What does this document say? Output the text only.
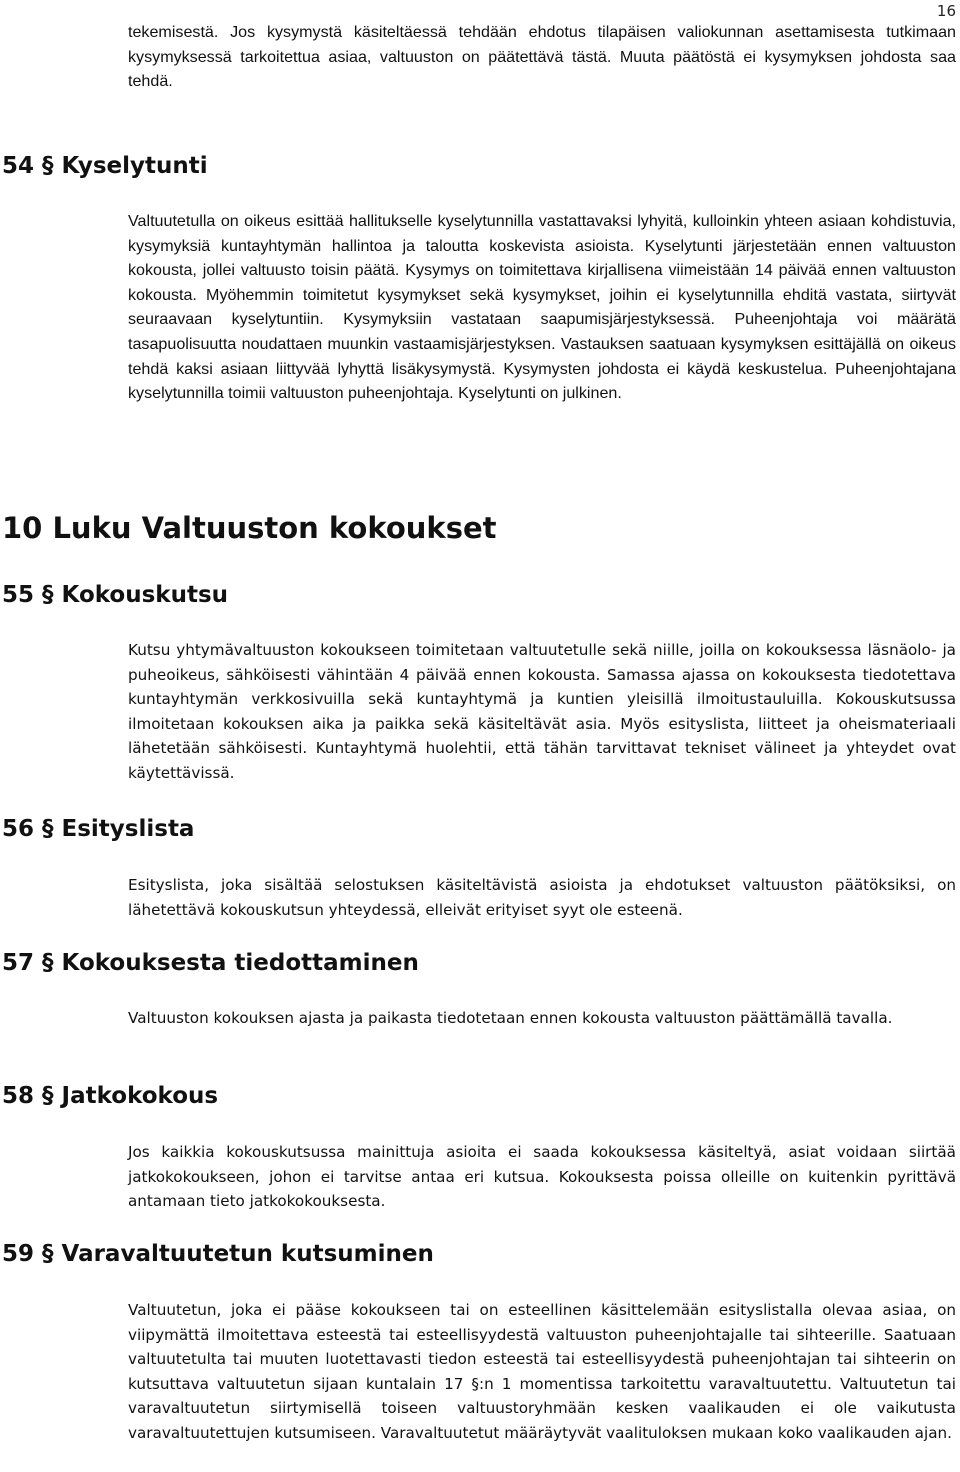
16

tekemisestä. Jos kysymystä käsiteltäessä tehdään ehdotus tilapäisen valiokunnan asettamisesta tutkimaan kysymyksessä tarkoitettua asiaa, valtuuston on päätettävä tästä. Muuta päätöstä ei kysymyksen johdosta saa tehdä.

54 § Kyselytunti

Valtuutetulla on oikeus esittää hallitukselle kyselytunnilla vastattavaksi lyhyitä, kulloinkin yhteen asiaan kohdistuvia, kysymyksiä kuntayhtymän hallintoa ja taloutta koskevista asioista. Kyselytunti järjestetään ennen valtuuston kokousta, jollei valtuusto toisin päätä. Kysymys on toimitettava kirjallisena viimeistään 14 päivää ennen valtuuston kokousta. Myöhemmin toimitetut kysymykset sekä kysymykset, joihin ei kyselytunnilla ehditä vastata, siirtyvät seuraavaan kyselytuntiin. Kysymyksiin vastataan saapumisjärjestyksessä. Puheenjohtaja voi määrätä tasapuolisuutta noudattaen muunkin vastaamisjärjestyksen. Vastauksen saatuaan kysymyksen esittäjällä on oikeus tehdä kaksi asiaan liittyvää lyhyttä lisäkysymystä. Kysymysten johdosta ei käydä keskustelua. Puheenjohtajana kyselytunnilla toimii valtuuston puheenjohtaja. Kyselytunti on julkinen.

10 Luku Valtuuston kokoukset
55 § Kokouskutsu

Kutsu yhtymävaltuuston kokoukseen toimitetaan valtuutetulle sekä niille, joilla on kokouksessa läsnäolo- ja puheoikeus, sähköisesti vähintään 4 päivää ennen kokousta. Samassa ajassa on kokouksesta tiedotettava kuntayhtymän verkkosivuilla sekä kuntayhtymä ja kuntien yleisillä ilmoitustauluilla. Kokouskutsussa ilmoitetaan kokouksen aika ja paikka sekä käsiteltävät asia. Myös esityslista, liitteet ja oheismateriaali lähetetään sähköisesti. Kuntayhtymä huolehtii, että tähän tarvittavat tekniset välineet ja yhteydet ovat käytettävissä.

56 § Esityslista

Esityslista, joka sisältää selostuksen käsiteltävistä asioista ja ehdotukset valtuuston päätöksiksi, on lähetettävä kokouskutsun yhteydessä, elleivät erityiset syyt ole esteenä.

57 § Kokouksesta tiedottaminen

Valtuuston kokouksen ajasta ja paikasta tiedotetaan ennen kokousta valtuuston päättämällä tavalla.

58 § Jatkokokous

Jos kaikkia kokouskutsussa mainittuja asioita ei saada kokouksessa käsiteltyä, asiat voidaan siirtää jatkokokoukseen, johon ei tarvitse antaa eri kutsua. Kokouksesta poissa olleille on kuitenkin pyrittävä antamaan tieto jatkokokouksesta.

59 § Varavaltuutetun kutsuminen

Valtuutetun, joka ei pääse kokoukseen tai on esteellinen käsittelemään esityslistalla olevaa asiaa, on viipymättä ilmoitettava esteestä tai esteellisyydestä valtuuston puheenjohtajalle tai sihteerille. Saatuaan valtuutetulta tai muuten luotettavasti tiedon esteestä tai esteellisyydestä puheenjohtajan tai sihteerin on kutsuttava valtuutetun sijaan kuntalain 17 §:n 1 momentissa tarkoitettu varavaltuutettu. Valtuutetun tai varavaltuutetun siirtymisellä toiseen valtuustoryhmään kesken vaalikauden ei ole vaikutusta varavaltuutettujen kutsumiseen. Varavaltuutetut määräytyvät vaalituloksen mukaan koko vaalikauden ajan.
